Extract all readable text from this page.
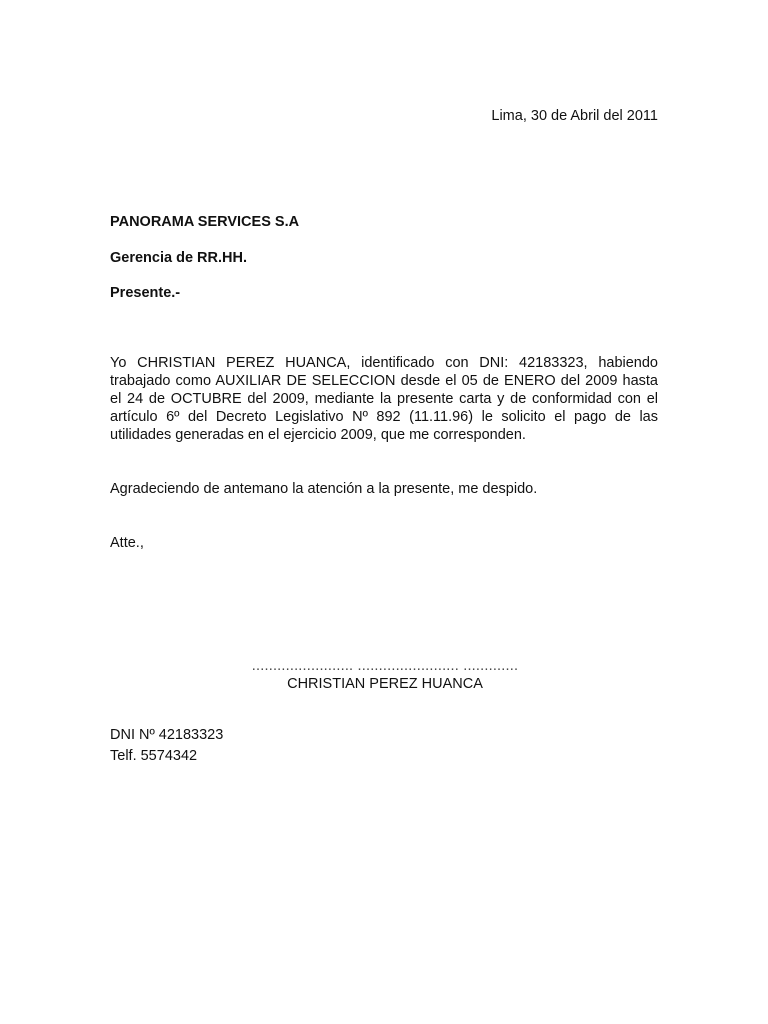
Lima, 30 de Abril del 2011
PANORAMA SERVICES S.A
Gerencia de RR.HH.
Presente.-
Yo CHRISTIAN PEREZ HUANCA, identificado con DNI: 42183323, habiendo trabajado como AUXILIAR DE SELECCION desde el 05 de ENERO del 2009 hasta el 24 de OCTUBRE del 2009, mediante la presente carta y de conformidad con el artículo 6º del Decreto Legislativo Nº 892 (11.11.96) le solicito el pago de las utilidades generadas en el ejercicio 2009, que me corresponden.
Agradeciendo de antemano la atención a la presente, me despido.
Atte.,
........................ ........................ .............
CHRISTIAN PEREZ HUANCA
DNI Nº 42183323
Telf. 5574342
